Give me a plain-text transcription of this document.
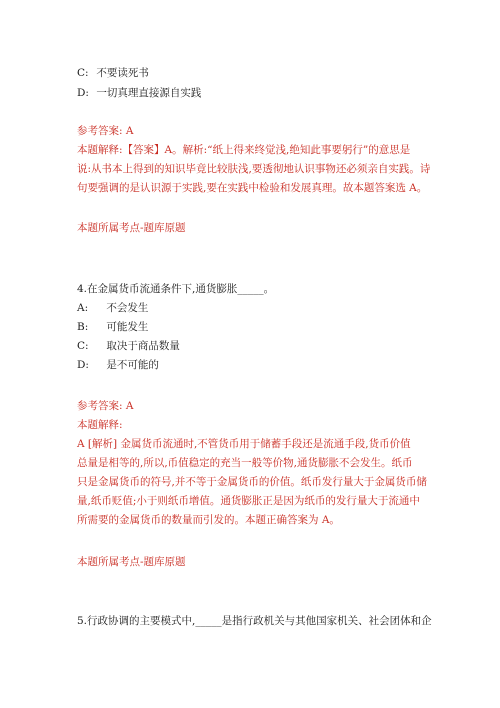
C: 不要读死书
D: 一切真理直接源自实践
参考答案: A
本题解释:【答案】A。解析:“纸上得来终觉浅,绝知此事要躬行”的意思是
说:从书本上得到的知识毕竟比较肤浅,要透彻地认识事物还必须亲自实践。诗
句要强调的是认识源于实践,要在实践中检验和发展真理。故本题答案选 A。
本题所属考点-题库原题
4.在金属货币流通条件下,通货膨胀_____。
A: 不会发生
B: 可能发生
C: 取决于商品数量
D: 是不可能的
参考答案: A
本题解释:
A [解析] 金属货币流通时,不管货币用于储蓄手段还是流通手段,货币价值
总量是相等的,所以,币值稳定的充当一般等价物,通货膨胀不会发生。纸币
只是金属货币的符号,并不等于金属货币的价值。纸币发行量大于金属货币储
量,纸币贬值;小于则纸币增值。通货膨胀正是因为纸币的发行量大于流通中
所需要的金属货币的数量而引发的。本题正确答案为 A。
本题所属考点-题库原题
5.行政协调的主要模式中,_____是指行政机关与其他国家机关、社会团体和企
